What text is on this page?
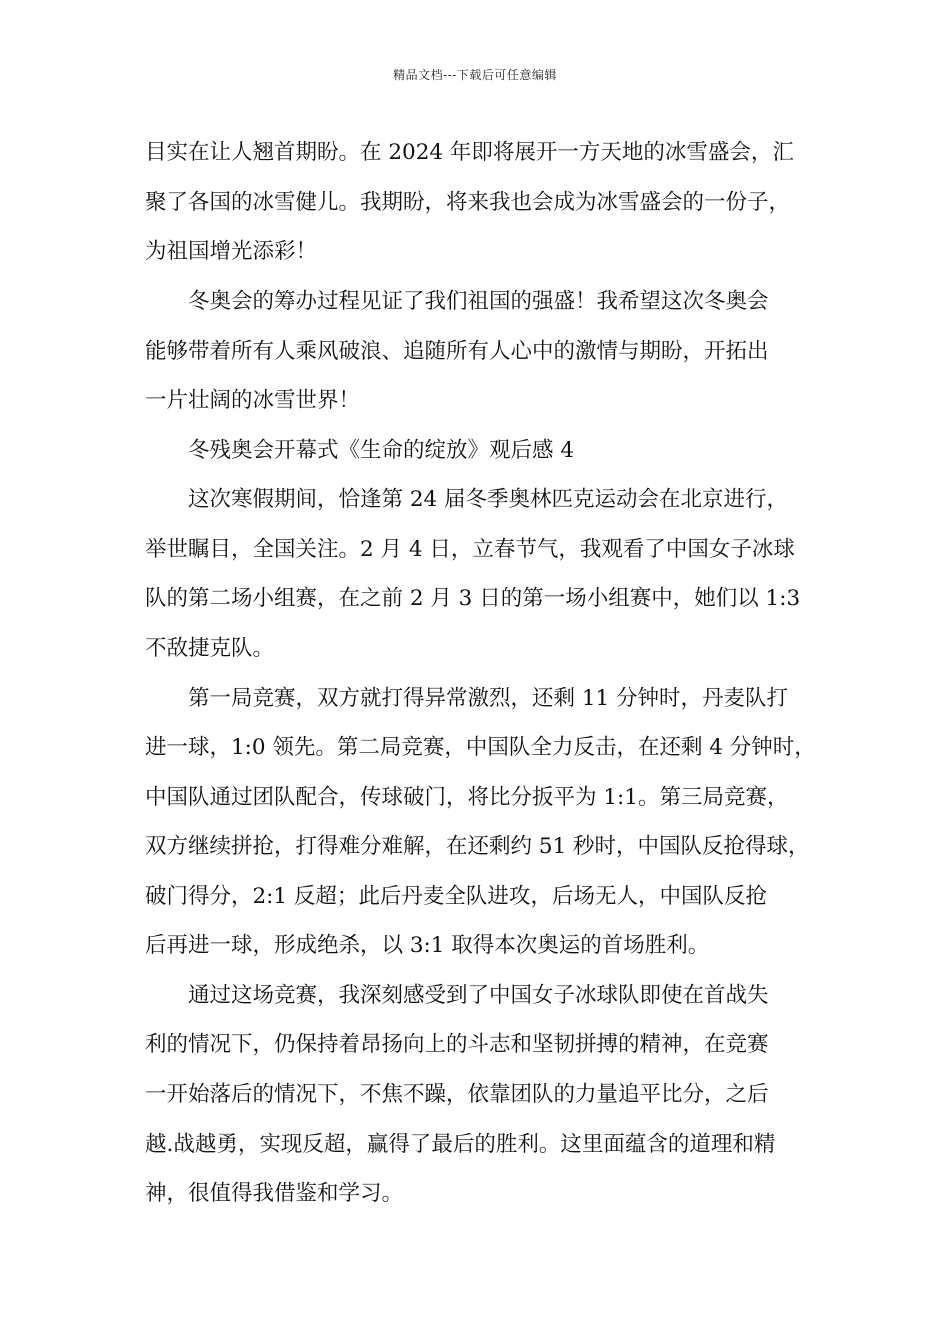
精品文档---下载后可任意编辑
目实在让人翘首期盼。在 2024 年即将展开一方天地的冰雪盛会，汇
聚了各国的冰雪健儿。我期盼，将来我也会成为冰雪盛会的一份子，
为祖国增光添彩！
冬奥会的筹办过程见证了我们祖国的强盛！我希望这次冬奥会
能够带着所有人乘风破浪、追随所有人心中的激情与期盼，开拓出
一片壮阔的冰雪世界！
冬残奥会开幕式《生命的绽放》观后感 4
这次寒假期间，恰逢第 24 届冬季奥林匹克运动会在北京进行，
举世瞩目，全国关注。2 月 4 日，立春节气，我观看了中国女子冰球
队的第二场小组赛，在之前 2 月 3 日的第一场小组赛中，她们以 1:3
不敌捷克队。
第一局竞赛，双方就打得异常激烈，还剩 11 分钟时，丹麦队打
进一球，1:0 领先。第二局竞赛，中国队全力反击，在还剩 4 分钟时，
中国队通过团队配合，传球破门，将比分扳平为 1:1。第三局竞赛，
双方继续拼抢，打得难分难解，在还剩约 51 秒时，中国队反抢得球，
破门得分，2:1 反超；此后丹麦全队进攻，后场无人，中国队反抢
后再进一球，形成绝杀，以 3:1 取得本次奥运的首场胜利。
通过这场竞赛，我深刻感受到了中国女子冰球队即使在首战失
利的情况下，仍保持着昂扬向上的斗志和坚韧拼搏的精神，在竞赛
一开始落后的情况下，不焦不躁，依靠团队的力量追平比分，之后
越.战越勇，实现反超，赢得了最后的胜利。这里面蕴含的道理和精
神，很值得我借鉴和学习。
